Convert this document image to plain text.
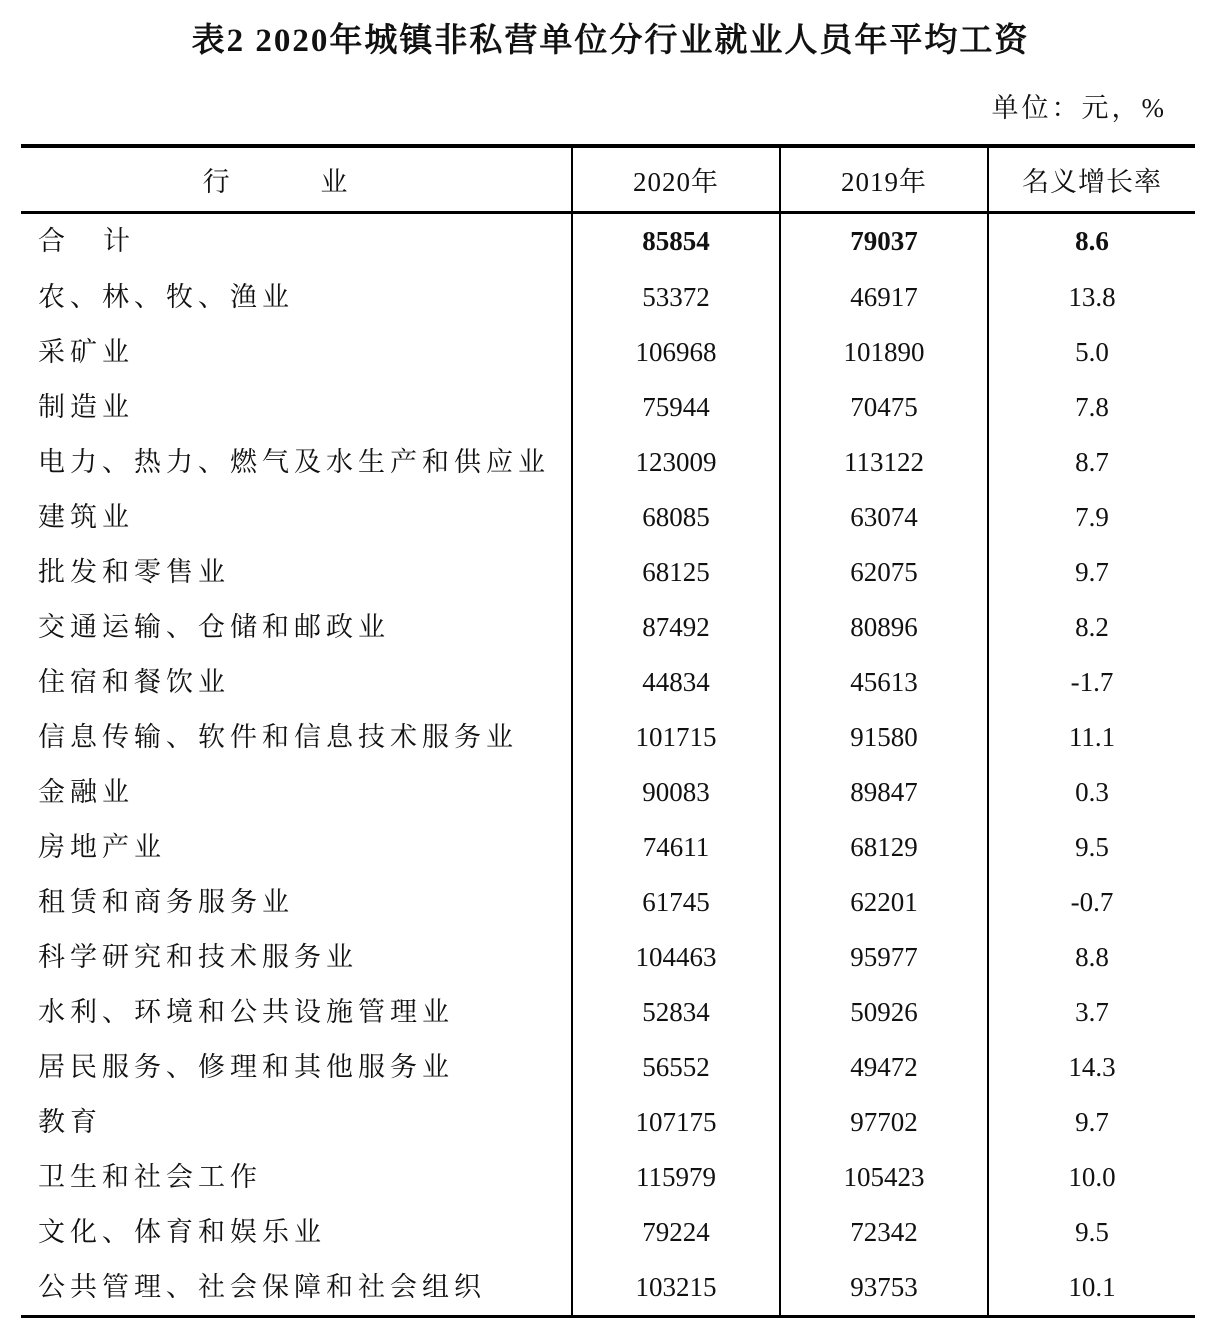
表2 2020年城镇非私营单位分行业就业人员年平均工资
单位：元，%
行 业	2020年	2019年	名义增长率
合计	85854	79037	8.6
农、林、牧、渔业	53372	46917	13.8
采矿业	106968	101890	5.0
制造业	75944	70475	7.8
电力、热力、燃气及水生产和供应业	123009	113122	8.7
建筑业	68085	63074	7.9
批发和零售业	68125	62075	9.7
交通运输、仓储和邮政业	87492	80896	8.2
住宿和餐饮业	44834	45613	-1.7
信息传输、软件和信息技术服务业	101715	91580	11.1
金融业	90083	89847	0.3
房地产业	74611	68129	9.5
租赁和商务服务业	61745	62201	-0.7
科学研究和技术服务业	104463	95977	8.8
水利、环境和公共设施管理业	52834	50926	3.7
居民服务、修理和其他服务业	56552	49472	14.3
教育	107175	97702	9.7
卫生和社会工作	115979	105423	10.0
文化、体育和娱乐业	79224	72342	9.5
公共管理、社会保障和社会组织	103215	93753	10.1
